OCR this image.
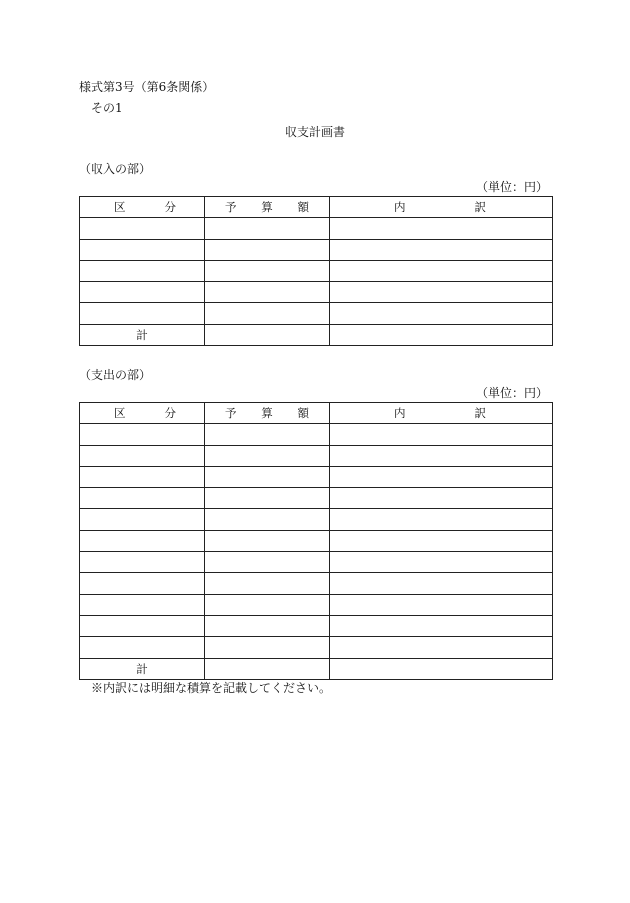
様式第3号（第6条関係）
その1
収支計画書
（収入の部）
（単位：円）
区 分	予 算 額	内 訳

計		
（支出の部）
（単位：円）
区 分	予 算 額	内 訳

計		
※内訳には明細な積算を記載してください。
